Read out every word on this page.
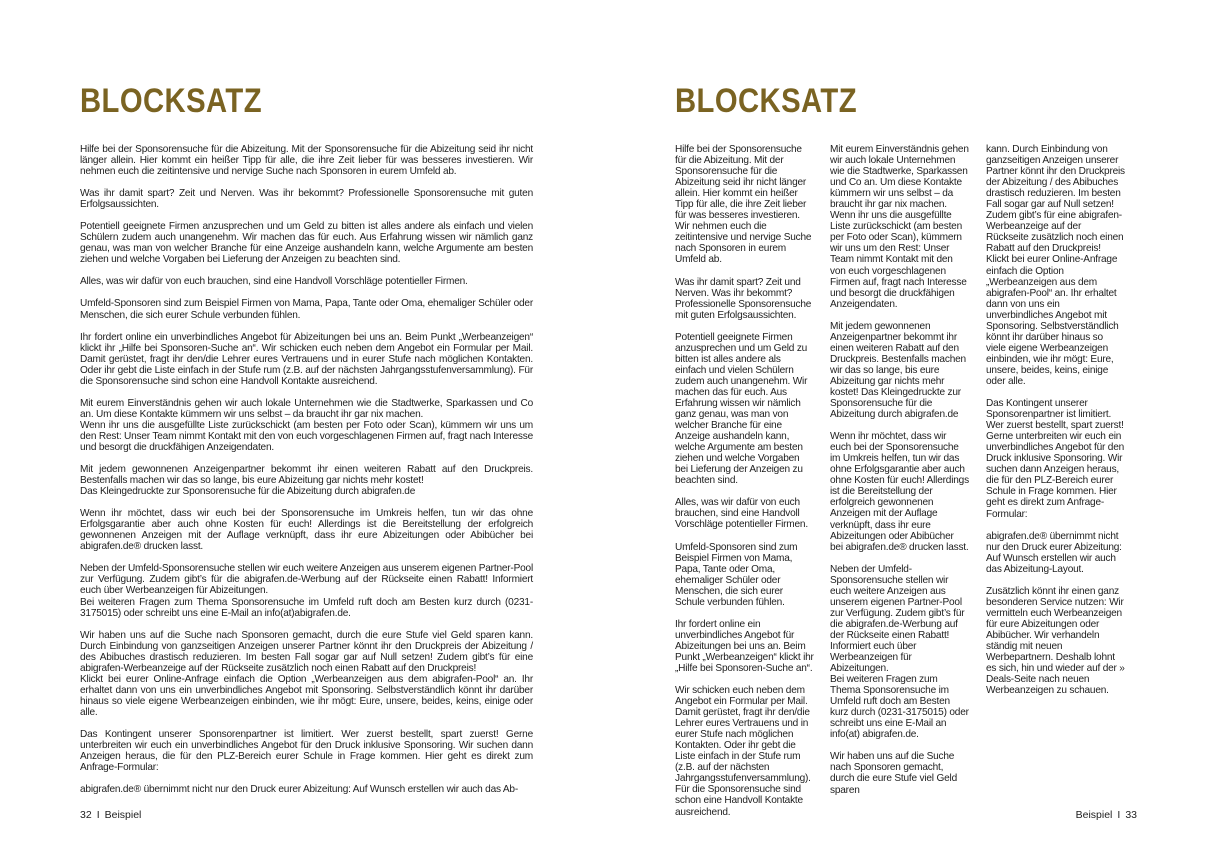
BLOCKSATZ

Hilfe bei der Sponsorensuche für die Abizeitung. Mit der Sponsorensuche für die Abizeitung seid ihr nicht länger allein. Hier kommt ein heißer Tipp für alle, die ihre Zeit lieber für was besseres investieren. Wir nehmen euch die zeitintensive und nervige Suche nach Sponsoren in eurem Umfeld ab.

Was ihr damit spart? Zeit und Nerven. Was ihr bekommt? Professionelle Sponsorensuche mit guten Erfolgsaussichten.

Potentiell geeignete Firmen anzusprechen und um Geld zu bitten ist alles andere als einfach und vielen Schülern zudem auch unangenehm. Wir machen das für euch. Aus Erfahrung wissen wir nämlich ganz genau, was man von welcher Branche für eine Anzeige aushandeln kann, welche Argumente am besten ziehen und welche Vorgaben bei Lieferung der Anzeigen zu beachten sind.

Alles, was wir dafür von euch brauchen, sind eine Handvoll Vorschläge potentieller Firmen.

Umfeld-Sponsoren sind zum Beispiel Firmen von Mama, Papa, Tante oder Oma, ehemaliger Schüler oder Menschen, die sich eurer Schule verbunden fühlen.

Ihr fordert online ein unverbindliches Angebot für Abizeitungen bei uns an. Beim Punkt „Werbeanzeigen“ klickt ihr „Hilfe bei Sponsoren-Suche an“. Wir schicken euch neben dem Angebot ein Formular per Mail. Damit gerüstet, fragt ihr den/die Lehrer eures Vertrauens und in eurer Stufe nach möglichen Kontakten. Oder ihr gebt die Liste einfach in der Stufe rum (z.B. auf der nächsten Jahrgangsstufenversammlung). Für die Sponsorensuche sind schon eine Handvoll Kontakte ausreichend.

Mit eurem Einverständnis gehen wir auch lokale Unternehmen wie die Stadtwerke, Sparkassen und Co an. Um diese Kontakte kümmern wir uns selbst – da braucht ihr gar nix machen.
Wenn ihr uns die ausgefüllte Liste zurückschickt (am besten per Foto oder Scan), kümmern wir uns um den Rest: Unser Team nimmt Kontakt mit den von euch vorgeschlagenen Firmen auf, fragt nach Interesse und besorgt die druckfähigen Anzeigendaten.

Mit jedem gewonnenen Anzeigenpartner bekommt ihr einen weiteren Rabatt auf den Druckpreis. Bestenfalls machen wir das so lange, bis eure Abizeitung gar nichts mehr kostet!
Das Kleingedruckte zur Sponsorensuche für die Abizeitung durch abigrafen.de

Wenn ihr möchtet, dass wir euch bei der Sponsorensuche im Umkreis helfen, tun wir das ohne Erfolgsgarantie aber auch ohne Kosten für euch! Allerdings ist die Bereitstellung der erfolgreich gewonnenen Anzeigen mit der Auflage verknüpft, dass ihr eure Abizeitungen oder Abibücher bei abigrafen.de® drucken lasst.

Neben der Umfeld-Sponsorensuche stellen wir euch weitere Anzeigen aus unserem eigenen Partner-Pool zur Verfügung. Zudem gibt’s für die abigrafen.de-Werbung auf der Rückseite einen Rabatt! Informiert euch über Werbeanzeigen für Abizeitungen.
Bei weiteren Fragen zum Thema Sponsorensuche im Umfeld ruft doch am Besten kurz durch (0231-3175015) oder schreibt uns eine E-Mail an info(at)abigrafen.de.

Wir haben uns auf die Suche nach Sponsoren gemacht, durch die eure Stufe viel Geld sparen kann. Durch Einbindung von ganzseitigen Anzeigen unserer Partner könnt ihr den Druckpreis der Abizeitung / des Abibuches drastisch reduzieren. Im besten Fall sogar gar auf Null setzen! Zudem gibt’s für eine abigrafen-Werbeanzeige auf der Rückseite zusätzlich noch einen Rabatt auf den Druckpreis!
Klickt bei eurer Online-Anfrage einfach die Option „Werbeanzeigen aus dem abigrafen-Pool“ an. Ihr erhaltet dann von uns ein unverbindliches Angebot mit Sponsoring. Selbstverständlich könnt ihr darüber hinaus so viele eigene Werbeanzeigen einbinden, wie ihr mögt: Eure, unsere, beides, keins, einige oder alle.

Das Kontingent unserer Sponsorenpartner ist limitiert. Wer zuerst bestellt, spart zuerst! Gerne unterbreiten wir euch ein unverbindliches Angebot für den Druck inklusive Sponsoring. Wir suchen dann Anzeigen heraus, die für den PLZ-Bereich eurer Schule in Frage kommen. Hier geht es direkt zum Anfrage-Formular:

abigrafen.de® übernimmt nicht nur den Druck eurer Abizeitung: Auf Wunsch erstellen wir auch das Ab-

32 I Beispiel
BLOCKSATZ

Hilfe bei der Sponsorensuche für die Abizeitung. Mit der Sponsorensuche für die Abizeitung seid ihr nicht länger allein. Hier kommt ein heißer Tipp für alle, die ihre Zeit lieber für was besseres investieren. Wir nehmen euch die zeitintensive und nervige Suche nach Sponsoren in eurem Umfeld ab.

Was ihr damit spart? Zeit und Nerven. Was ihr bekommt? Professionelle Sponsorensuche mit guten Erfolgsaussichten.

Potentiell geeignete Firmen anzusprechen und um Geld zu bitten ist alles andere als einfach und vielen Schülern zudem auch unangenehm. Wir machen das für euch. Aus Erfahrung wissen wir nämlich ganz genau, was man von welcher Branche für eine Anzeige aushandeln kann, welche Argumente am besten ziehen und welche Vorgaben bei Lieferung der Anzeigen zu beachten sind.

Alles, was wir dafür von euch brauchen, sind eine Handvoll Vorschläge potentieller Firmen.

Umfeld-Sponsoren sind zum Beispiel Firmen von Mama, Papa, Tante oder Oma, ehemaliger Schüler oder Menschen, die sich eurer Schule verbunden fühlen.

Ihr fordert online ein unverbindliches Angebot für Abizeitungen bei uns an. Beim Punkt „Werbeanzeigen“ klickt ihr „Hilfe bei Sponsoren-Suche an“.

Wir schicken euch neben dem Angebot ein Formular per Mail. Damit gerüstet, fragt ihr den/die Lehrer eures Vertrauens und in eurer Stufe nach möglichen Kontakten. Oder ihr gebt die Liste einfach in der Stufe rum (z.B. auf der nächsten Jahrgangsstufenversammlung). Für die Sponsorensuche sind schon eine Handvoll Kontakte ausreichend.

Mit eurem Einverständnis gehen wir auch lokale Unternehmen wie die Stadtwerke, Sparkassen und Co an. Um diese Kontakte kümmern wir uns selbst – da braucht ihr gar nix machen. Wenn ihr uns die ausgefüllte Liste zurückschickt (am besten per Foto oder Scan), kümmern wir uns um den Rest: Unser Team nimmt Kontakt mit den von euch vorgeschlagenen Firmen auf, fragt nach Interesse und besorgt die druckfähigen Anzeigendaten.

Mit jedem gewonnenen Anzeigenpartner bekommt ihr einen weiteren Rabatt auf den Druckpreis. Bestenfalls machen wir das so lange, bis eure Abizeitung gar nichts mehr kostet! Das Kleingedruckte zur Sponsorensuche für die Abizeitung durch abigrafen.de

Wenn ihr möchtet, dass wir euch bei der Sponsorensuche im Umkreis helfen, tun wir das ohne Erfolgsgarantie aber auch ohne Kosten für euch! Allerdings ist die Bereitstellung der erfolgreich gewonnenen Anzeigen mit der Auflage verknüpft, dass ihr eure Abizeitungen oder Abibücher bei abigrafen.de® drucken lasst.

Neben der Umfeld-Sponsorensuche stellen wir euch weitere Anzeigen aus unserem eigenen Partner-Pool zur Verfügung. Zudem gibt’s für die abigrafen.de-Werbung auf der Rückseite einen Rabatt! Informiert euch über Werbeanzeigen für Abizeitungen.
Bei weiteren Fragen zum Thema Sponsorensuche im Umfeld ruft doch am Besten kurz durch (0231-3175015) oder schreibt uns eine E-Mail an info(at) abigrafen.de.

Wir haben uns auf die Suche nach Sponsoren gemacht, durch die eure Stufe viel Geld sparen

kann. Durch Einbindung von ganzseitigen Anzeigen unserer Partner könnt ihr den Druckpreis der Abizeitung / des Abibuches drastisch reduzieren. Im besten Fall sogar gar auf Null setzen! Zudem gibt’s für eine abigrafen-Werbeanzeige auf der Rückseite zusätzlich noch einen Rabatt auf den Druckpreis! Klickt bei eurer Online-Anfrage einfach die Option „Werbeanzeigen aus dem abigrafen-Pool“ an. Ihr erhaltet dann von uns ein unverbindliches Angebot mit Sponsoring. Selbstverständlich könnt ihr darüber hinaus so viele eigene Werbeanzeigen einbinden, wie ihr mögt: Eure, unsere, beides, keins, einige oder alle.

Das Kontingent unserer Sponsorenpartner ist limitiert. Wer zuerst bestellt, spart zuerst! Gerne unterbreiten wir euch ein unverbindliches Angebot für den Druck inklusive Sponsoring. Wir suchen dann Anzeigen heraus, die für den PLZ-Bereich eurer Schule in Frage kommen. Hier geht es direkt zum Anfrage-Formular:

abigrafen.de® übernimmt nicht nur den Druck eurer Abizeitung: Auf Wunsch erstellen wir auch das Abizeitung-Layout.

Zusätzlich könnt ihr einen ganz besonderen Service nutzen: Wir vermitteln euch Werbeanzeigen für eure Abizeitungen oder Abibücher. Wir verhandeln ständig mit neuen Werbepartnern. Deshalb lohnt es sich, hin und wieder auf der » Deals-Seite nach neuen Werbeanzeigen zu schauen.

Beispiel I 33
